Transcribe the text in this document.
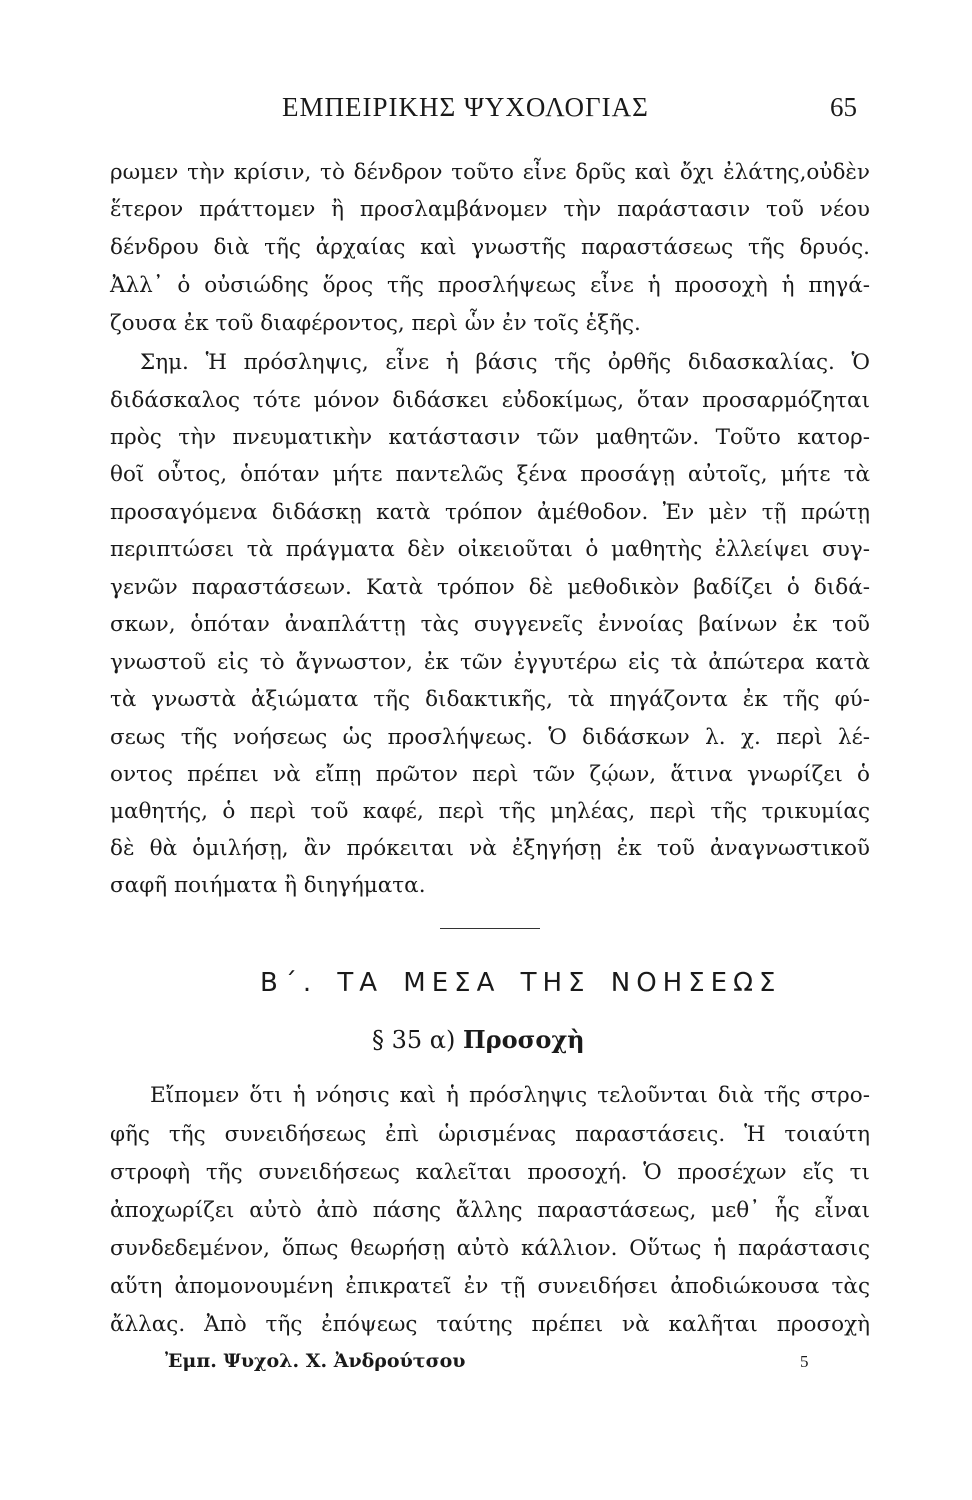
ΕΜΠΕΙΡΙΚΗΣ ΨΥΧΟΛΟΓΙΑΣ	65
ρωμεν τὴν κρίσιν, τὸ δένδρον τοῦτο εἶνε δρῦς καὶ ὄχι ἐλάτης,οὐδὲν
ἕτερον πράττομεν ἢ προσλαμβάνομεν τὴν παράστασιν τοῦ νέου
δένδρου διὰ τῆς ἀρχαίας καὶ γνωστῆς παραστάσεως τῆς δρυός.
Ἀλλ᾽ ὁ οὐσιώδης ὅρος τῆς προσλήψεως εἶνε ἡ προσοχὴ ἡ πηγά-
ζουσα ἐκ τοῦ διαφέροντος, περὶ ὧν ἐν τοῖς ἑξῆς.
Σημ. Ἡ πρόσληψις, εἶνε ἡ βάσις τῆς ὀρθῆς διδασκαλίας. Ὁ
διδάσκαλος τότε μόνον διδάσκει εὐδοκίμως, ὅταν προσαρμόζηται
πρὸς τὴν πνευματικὴν κατάστασιν τῶν μαθητῶν. Τοῦτο κατορ-
θοῖ οὗτος, ὁπόταν μήτε παντελῶς ξένα προσάγῃ αὐτοῖς, μήτε τὰ
προσαγόμενα διδάσκῃ κατὰ τρόπον ἀμέθοδον. Ἐν μὲν τῇ πρώτῃ
περιπτώσει τὰ πράγματα δὲν οἰκειοῦται ὁ μαθητὴς ἐλλείψει συγ-
γενῶν παραστάσεων. Κατὰ τρόπον δὲ μεθοδικὸν βαδίζει ὁ διδά-
σκων, ὁπόταν ἀναπλάττῃ τὰς συγγενεῖς ἐννοίας βαίνων ἐκ τοῦ
γνωστοῦ εἰς τὸ ἄγνωστον, ἐκ τῶν ἐγγυτέρω εἰς τὰ ἀπώτερα κατὰ
τὰ γνωστὰ ἀξιώματα τῆς διδακτικῆς, τὰ πηγάζοντα ἐκ τῆς φύ-
σεως τῆς νοήσεως ὡς προσλήψεως. Ὁ διδάσκων λ. χ. περὶ λέ-
οντος πρέπει νὰ εἴπῃ πρῶτον περὶ τῶν ζῴων, ἅτινα γνωρίζει ὁ
μαθητής, ὁ περὶ τοῦ καφέ, περὶ τῆς μηλέας, περὶ τῆς τρικυμίας
δὲ θὰ ὁμιλήσῃ, ἂν πρόκειται νὰ ἐξηγήσῃ ἐκ τοῦ ἀναγνωστικοῦ
σαφῆ ποιήματα ἢ διηγήματα.
Β΄. ΤΑ ΜΕΣΑ ΤΗΣ ΝΟΗΣΕΩΣ
§ 35 α) Προσοχὴ
Εἴπομεν ὅτι ἡ νόησις καὶ ἡ πρόσληψις τελοῦνται διὰ τῆς στρο-
φῆς τῆς συνειδήσεως ἐπὶ ὡρισμένας παραστάσεις. Ἡ τοιαύτη
στροφὴ τῆς συνειδήσεως καλεῖται προσοχή. Ὁ προσέχων εἴς τι
ἀποχωρίζει αὐτὸ ἀπὸ πάσης ἄλλης παραστάσεως, μεθ᾽ ἧς εἶναι
συνδεδεμένον, ὅπως θεωρήσῃ αὐτὸ κάλλιον. Οὕτως ἡ παράστασις
αὕτη ἀπομονουμένη ἐπικρατεῖ ἐν τῇ συνειδήσει ἀποδιώκουσα τὰς
ἄλλας. Ἀπὸ τῆς ἐπόψεως ταύτης πρέπει νὰ καλῆται προσοχὴ
Ἐμπ. Ψυχολ. Χ. Ἀνδρούτσου	5
